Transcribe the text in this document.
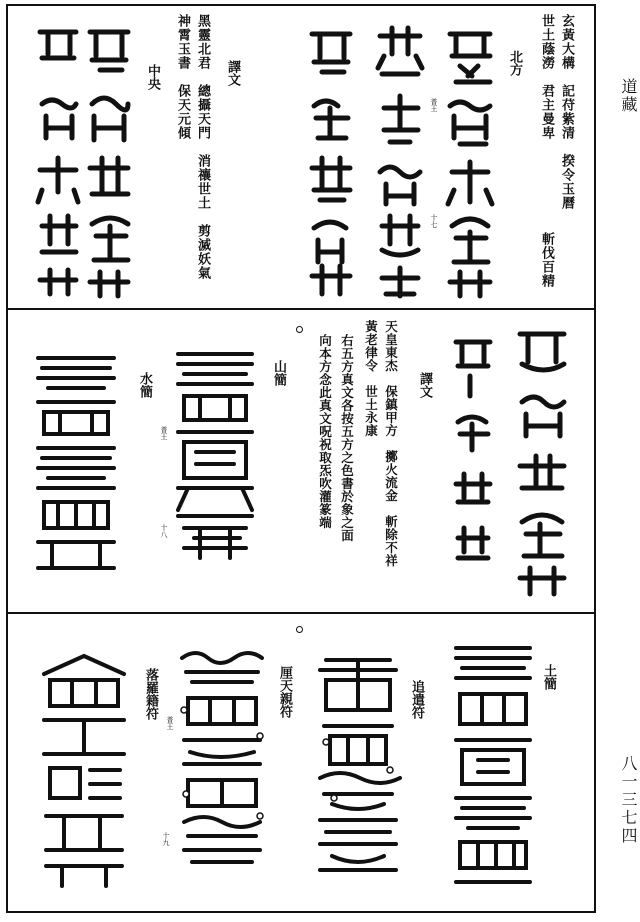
道藏
八一三七四
玄黃大構　記苻紫清　揆令玉曆
世土蔭澇　君主曼卑
斬伐百精
北方
普王
十七
譯文
黑靈北君　總攝天門　消禳世土　剪滅妖氣
神霄玉書　保天元傾
中央
譯文
天皇東杰　保鎮甲方　擲火流金　斬除不祥
黃老律令　世土永康
右五方真文各按五方之色書於象之面
向本方念此真文呪祝取炁吹灌篆端
山簡
水簡
普王
十八
土簡
追遣符
厘天親符
落羅籍符
普王
十九
